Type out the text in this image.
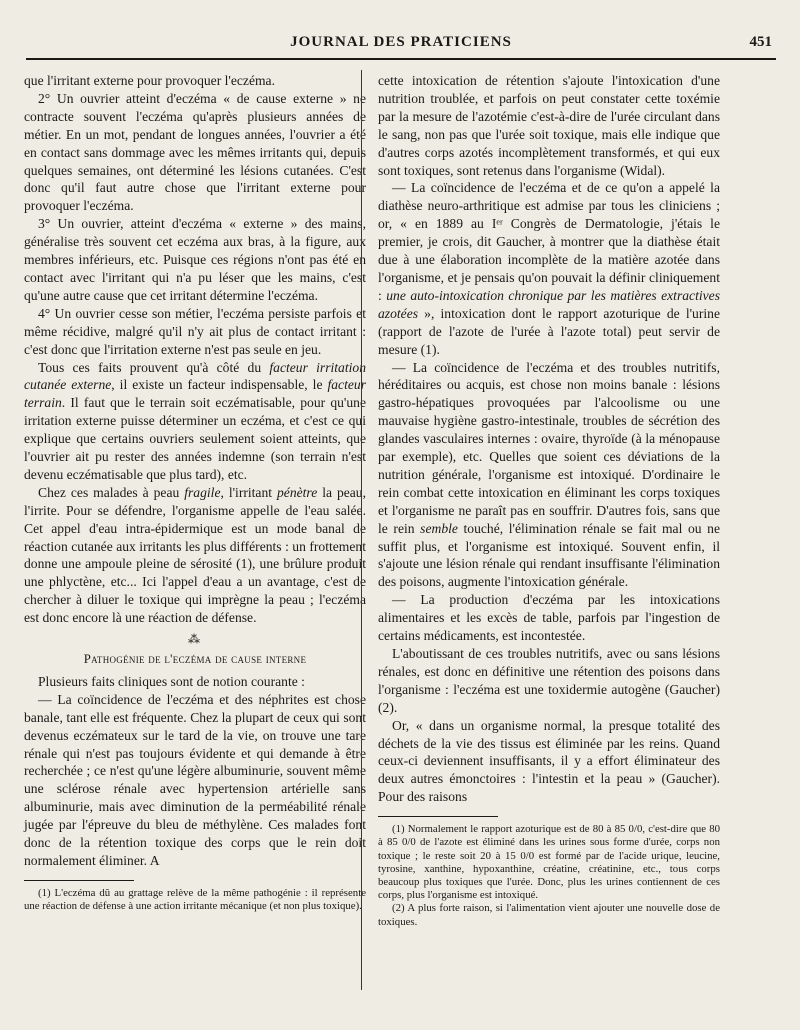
JOURNAL DES PRATICIENS	451

que l'irritant externe pour provoquer l'eczéma.

2° Un ouvrier atteint d'eczéma « de cause externe » ne contracte souvent l'eczéma qu'après plusieurs années de métier. En un mot, pendant de longues années, l'ouvrier a été en contact sans dommage avec les mêmes irritants qui, depuis quelques semaines, ont déterminé les lésions cutanées. C'est donc qu'il faut autre chose que l'irritant externe pour provoquer l'eczéma.

3° Un ouvrier, atteint d'eczéma « externe » des mains, généralise très souvent cet eczéma aux bras, à la figure, aux membres inférieurs, etc. Puisque ces régions n'ont pas été en contact avec l'irritant qui n'a pu léser que les mains, c'est qu'une autre cause que cet irritant détermine l'eczéma.

4° Un ouvrier cesse son métier, l'eczéma persiste parfois et même récidive, malgré qu'il n'y ait plus de contact irritant : c'est donc que l'irritation externe n'est pas seule en jeu.

Tous ces faits prouvent qu'à côté du facteur irritation cutanée externe, il existe un facteur indispensable, le facteur terrain. Il faut que le terrain soit eczématisable, pour qu'une irritation externe puisse déterminer un eczéma, et c'est ce qui explique que certains ouvriers seulement soient atteints, que l'ouvrier ait pu rester des années indemne (son terrain n'est devenu eczématisable que plus tard), etc.

Chez ces malades à peau fragile, l'irritant pénètre la peau, l'irrite. Pour se défendre, l'organisme appelle de l'eau salée. Cet appel d'eau intra-épidermique est un mode banal de réaction cutanée aux irritants les plus différents : un frottement donne une ampoule pleine de sérosité (1), une brûlure produit une phlyctène, etc... Ici l'appel d'eau a un avantage, c'est de chercher à diluer le toxique qui imprègne la peau ; l'eczéma est donc encore là une réaction de défense.

⁂
Pathogénie de l'eczéma de cause interne

Plusieurs faits cliniques sont de notion courante :

— La coïncidence de l'eczéma et des néphrites est chose banale, tant elle est fréquente. Chez la plupart de ceux qui sont devenus eczémateux sur le tard de la vie, on trouve une tare rénale qui n'est pas toujours évidente et qui demande à être recherchée ; ce n'est qu'une légère albuminurie, souvent même une sclérose rénale avec hypertension artérielle sans albuminurie, mais avec diminution de la perméabilité rénale jugée par l'épreuve du bleu de méthylène. Ces malades font donc de la rétention toxique des corps que le rein doit normalement éliminer. A

(1) L'eczéma dû au grattage relève de la même pathogénie : il représente une réaction de défense à une action irritante mécanique (et non plus toxique).

cette intoxication de rétention s'ajoute l'intoxication d'une nutrition troublée, et parfois on peut constater cette toxémie par la mesure de l'azotémie c'est-à-dire de l'urée circulant dans le sang, non pas que l'urée soit toxique, mais elle indique que d'autres corps azotés incomplètement transformés, et qui eux sont toxiques, sont retenus dans l'organisme (Widal).

— La coïncidence de l'eczéma et de ce qu'on a appelé la diathèse neuro-arthritique est admise par tous les cliniciens ; or, « en 1889 au Iᵉʳ Congrès de Dermatologie, j'étais le premier, je crois, dit Gaucher, à montrer que la diathèse était due à une élaboration incomplète de la matière azotée dans l'organisme, et je pensais qu'on pouvait la définir cliniquement : une auto-intoxication chronique par les matières extractives azotées », intoxication dont le rapport azoturique de l'urine (rapport de l'azote de l'urée à l'azote total) peut servir de mesure (1).

— La coïncidence de l'eczéma et des troubles nutritifs, héréditaires ou acquis, est chose non moins banale : lésions gastro-hépatiques provoquées par l'alcoolisme ou une mauvaise hygiène gastro-intestinale, troubles de sécrétion des glandes vasculaires internes : ovaire, thyroïde (à la ménopause par exemple), etc. Quelles que soient ces déviations de la nutrition générale, l'organisme est intoxiqué. D'ordinaire le rein combat cette intoxication en éliminant les corps toxiques et l'organisme ne paraît pas en souffrir. D'autres fois, sans que le rein semble touché, l'élimination rénale se fait mal ou ne suffit plus, et l'organisme est intoxiqué. Souvent enfin, il s'ajoute une lésion rénale qui rendant insuffisante l'élimination des poisons, augmente l'intoxication générale.

— La production d'eczéma par les intoxications alimentaires et les excès de table, parfois par l'ingestion de certains médicaments, est incontestée.

L'aboutissant de ces troubles nutritifs, avec ou sans lésions rénales, est donc en définitive une rétention des poisons dans l'organisme : l'eczéma est une toxidermie autogène (Gaucher) (2).

Or, « dans un organisme normal, la presque totalité des déchets de la vie des tissus est éliminée par les reins. Quand ceux-ci deviennent insuffisants, il y a effort éliminateur des deux autres émonctoires : l'intestin et la peau » (Gaucher). Pour des raisons

(1) Normalement le rapport azoturique est de 80 à 85 0/0, c'est-dire que 80 à 85 0/0 de l'azote est éliminé dans les urines sous forme d'urée, corps non toxique ; le reste soit 20 à 15 0/0 est formé par de l'acide urique, leucine, tyrosine, xanthine, hypoxanthine, créatine, créatinine, etc., tous corps beaucoup plus toxiques que l'urée. Donc, plus les urines contiennent de ces corps, plus l'organisme est intoxiqué.

(2) A plus forte raison, si l'alimentation vient ajouter une nouvelle dose de toxiques.
